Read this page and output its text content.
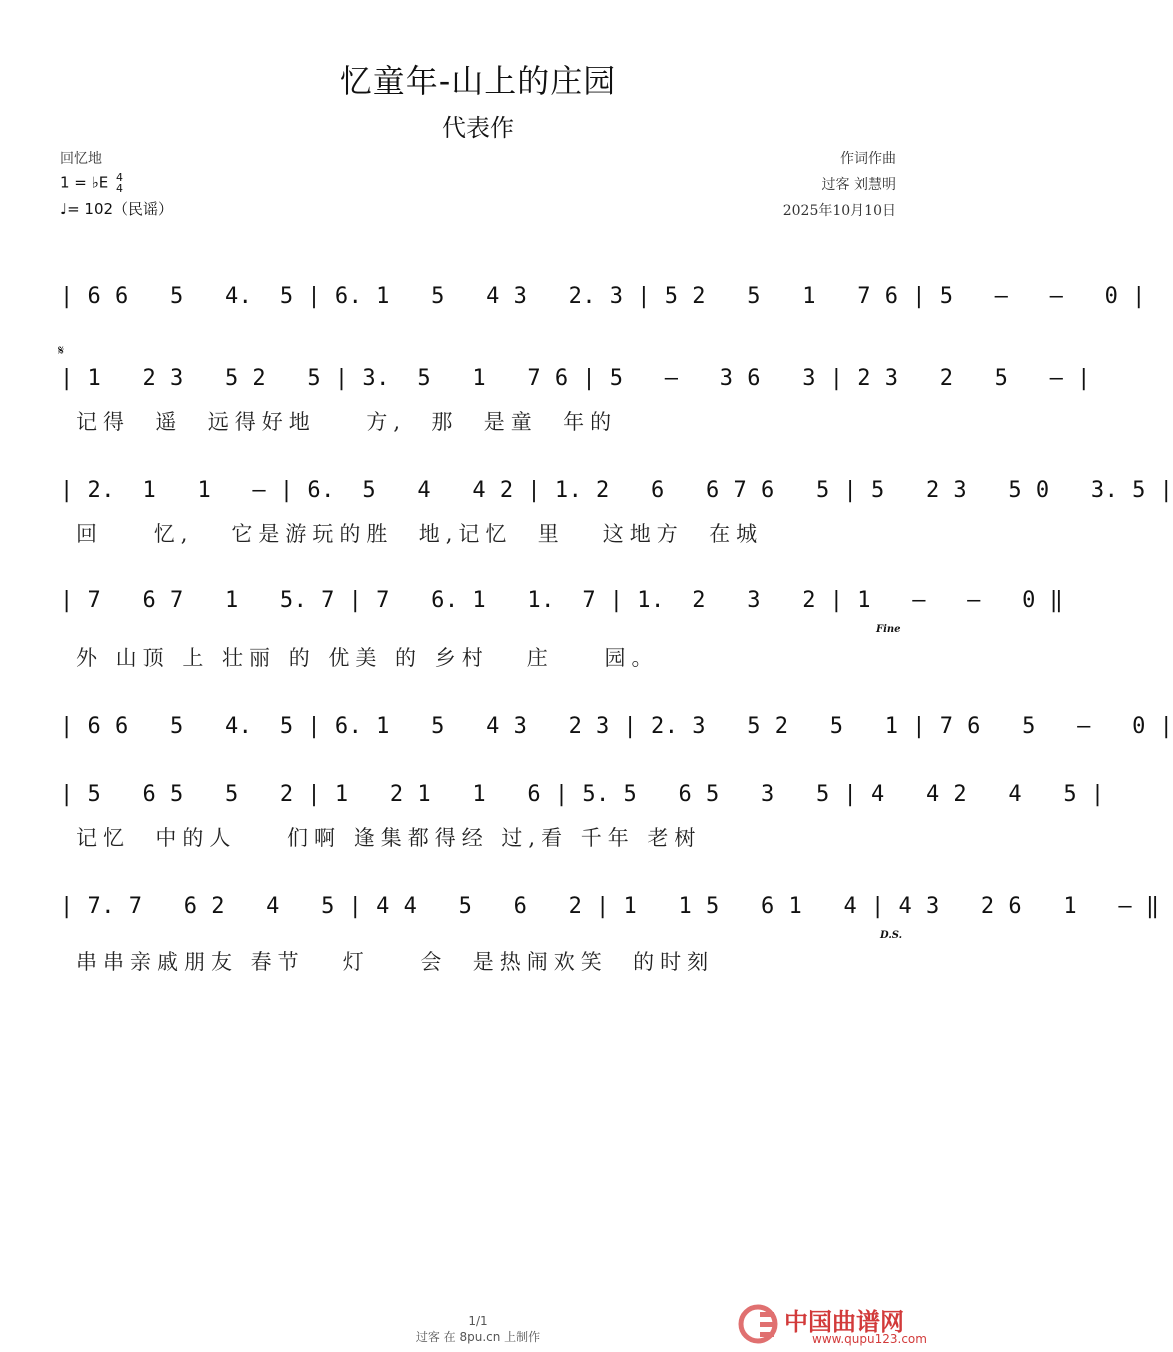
忆童年-山上的庄园
代表作
回忆地
1 = ♭E 4
4
♩= 102（民谣）
作词作曲
过客 刘慧明
2025年10月10日
| 6 6   5   4.  5 | 6. 1   5   4 3   2. 3 | 5 2   5   1   7 6 | 5   –   –   0 |
𝄋
| 1   2 3   5 2   5 | 3.  5   1   7 6 | 5   –   3 6   3 | 2 3   2   5   – |
记得  遥  远得好地    方,  那  是童  年的
| 2.  1   1   – | 6.  5   4   4 2 | 1. 2   6   6 7 6   5 | 5   2 3   5 0   3. 5 |
回    忆,   它是游玩的胜  地,记忆  里   这地方  在城
| 7   6 7   1   5. 7 | 7   6. 1   1.  7 | 1.  2   3   2 | 1   –   –   0 ‖
Fine
外 山顶 上 壮丽 的 优美 的 乡村   庄    园。
| 6 6   5   4.  5 | 6. 1   5   4 3   2 3 | 2. 3   5 2   5   1 | 7 6   5   –   0 |
| 5   6 5   5   2 | 1   2 1   1   6 | 5. 5   6 5   3   5 | 4   4 2   4   5 |
记忆  中的人    们啊 逢集都得经 过,看 千年 老树
| 7. 7   6 2   4   5 | 4 4   5   6   2 | 1   1 5   6 1   4 | 4 3   2 6   1   – ‖
D.S.
串串亲戚朋友 春节   灯    会  是热闹欢笑  的时刻
1/1
过客 在 8pu.cn 上制作
中国曲谱网
www.qupu123.com
